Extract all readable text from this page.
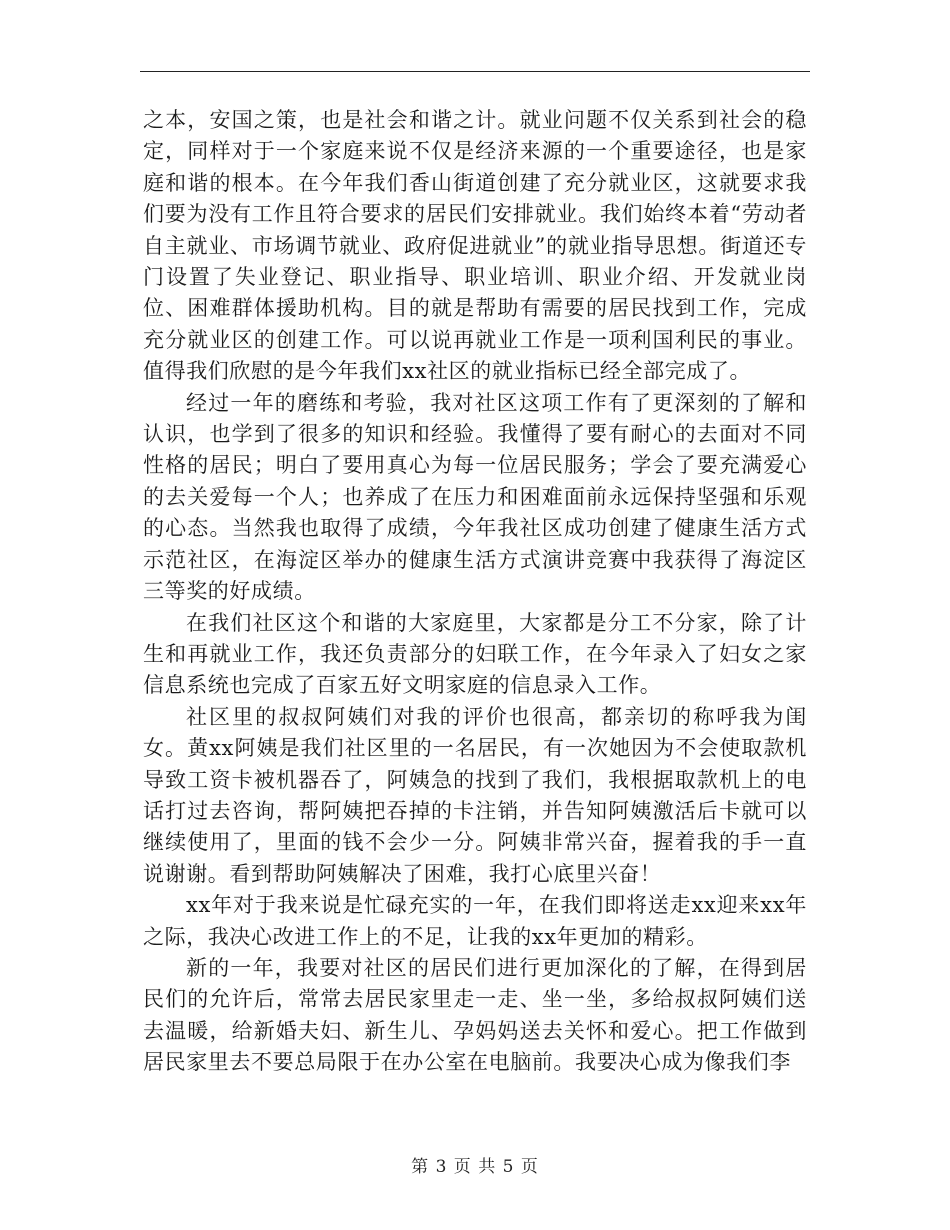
之本，安国之策，也是社会和谐之计。就业问题不仅关系到社会的稳定，同样对于一个家庭来说不仅是经济来源的一个重要途径，也是家庭和谐的根本。在今年我们香山街道创建了充分就业区，这就要求我们要为没有工作且符合要求的居民们安排就业。我们始终本着“劳动者自主就业、市场调节就业、政府促进就业”的就业指导思想。街道还专门设置了失业登记、职业指导、职业培训、职业介绍、开发就业岗位、困难群体援助机构。目的就是帮助有需要的居民找到工作，完成充分就业区的创建工作。可以说再就业工作是一项利国利民的事业。值得我们欣慰的是今年我们xx社区的就业指标已经全部完成了。

经过一年的磨练和考验，我对社区这项工作有了更深刻的了解和认识，也学到了很多的知识和经验。我懂得了要有耐心的去面对不同性格的居民；明白了要用真心为每一位居民服务；学会了要充满爱心的去关爱每一个人；也养成了在压力和困难面前永远保持坚强和乐观的心态。当然我也取得了成绩，今年我社区成功创建了健康生活方式示范社区，在海淀区举办的健康生活方式演讲竞赛中我获得了海淀区三等奖的好成绩。

在我们社区这个和谐的大家庭里，大家都是分工不分家，除了计生和再就业工作，我还负责部分的妇联工作，在今年录入了妇女之家信息系统也完成了百家五好文明家庭的信息录入工作。

社区里的叔叔阿姨们对我的评价也很高，都亲切的称呼我为闺女。黄xx阿姨是我们社区里的一名居民，有一次她因为不会使取款机导致工资卡被机器吞了，阿姨急的找到了我们，我根据取款机上的电话打过去咨询，帮阿姨把吞掉的卡注销，并告知阿姨激活后卡就可以继续使用了，里面的钱不会少一分。阿姨非常兴奋，握着我的手一直说谢谢。看到帮助阿姨解决了困难，我打心底里兴奋！

xx年对于我来说是忙碌充实的一年，在我们即将送走xx迎来xx年之际，我决心改进工作上的不足，让我的xx年更加的精彩。

新的一年，我要对社区的居民们进行更加深化的了解，在得到居民们的允许后，常常去居民家里走一走、坐一坐，多给叔叔阿姨们送去温暖，给新婚夫妇、新生儿、孕妈妈送去关怀和爱心。把工作做到居民家里去不要总局限于在办公室在电脑前。我要决心成为像我们李

第 3 页 共 5 页
